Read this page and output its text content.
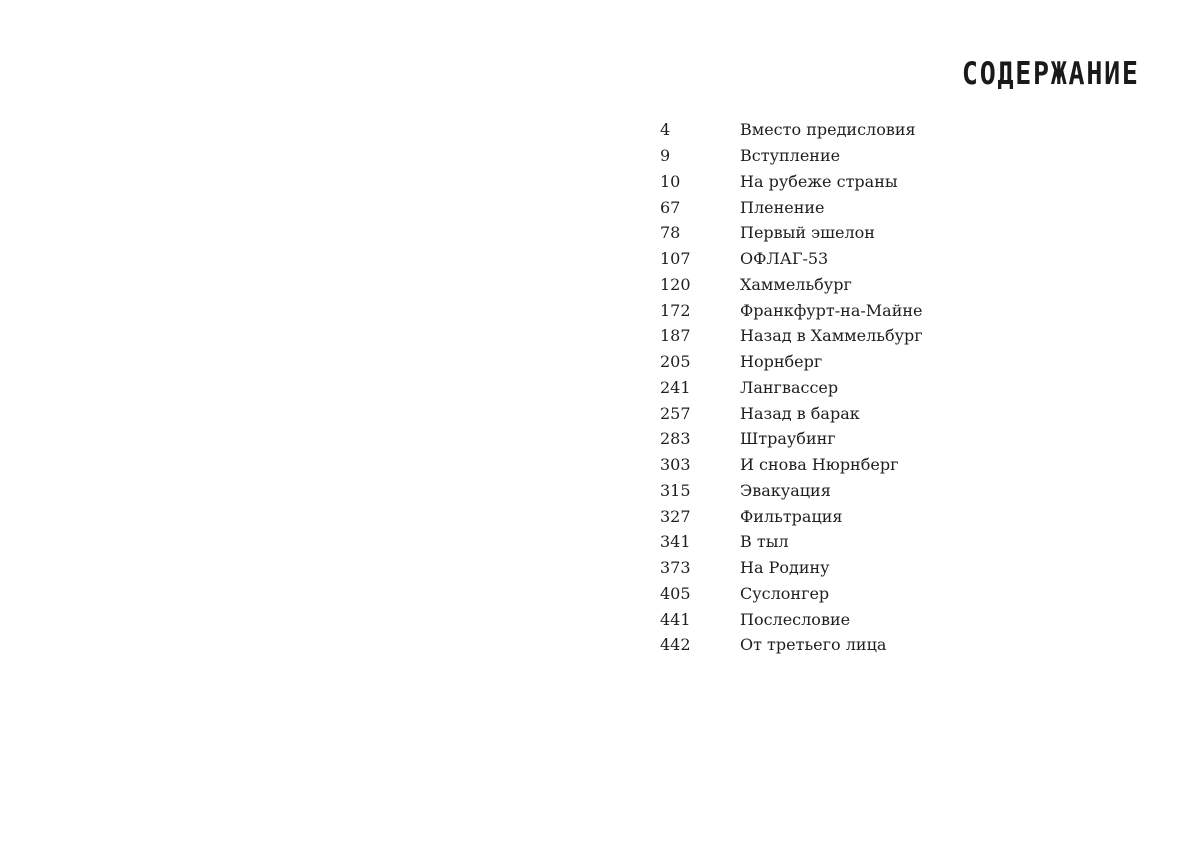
СОДЕРЖАНИЕ
4	Вместо предисловия
9	Вступление
10	На рубеже страны
67	Пленение
78	Первый эшелон
107	ОФЛАГ-53
120	Хаммельбург
172	Франкфурт-на-Майне
187	Назад в Хаммельбург
205	Норнберг
241	Лангвассер
257	Назад в барак
283	Штраубинг
303	И снова Нюрнберг
315	Эвакуация
327	Фильтрация
341	В тыл
373	На Родину
405	Суслонгер
441	Послесловие
442	От третьего лица
